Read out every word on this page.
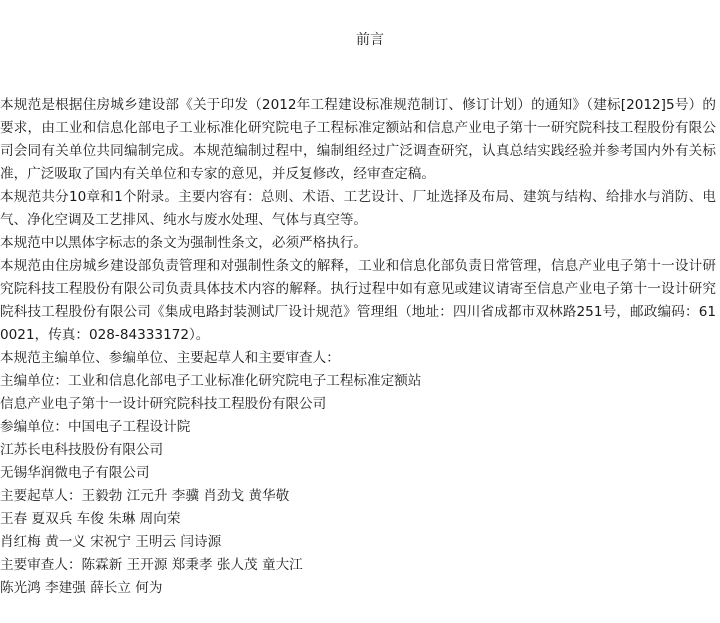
前言

本规范是根据住房城乡建设部《关于印发（2012年工程建设标准规范制订、修订计划）的通知》（建标[2012]5号）的要求，由工业和信息化部电子工业标准化研究院电子工程标准定额站和信息产业电子第十一研究院科技工程股份有限公司会同有关单位共同编制完成。本规范编制过程中，编制组经过广泛调查研究，认真总结实践经验并参考国内外有关标准，广泛吸取了国内有关单位和专家的意见，并反复修改，经审查定稿。

本规范共分10章和1个附录。主要内容有：总则、术语、工艺设计、厂址选择及布局、建筑与结构、给排水与消防、电气、净化空调及工艺排风、纯水与废水处理、气体与真空等。

本规范中以黑体字标志的条文为强制性条文，必须严格执行。

本规范由住房城乡建设部负责管理和对强制性条文的解释，工业和信息化部负责日常管理，信息产业电子第十一设计研究院科技工程股份有限公司负责具体技术内容的解释。执行过程中如有意见或建议请寄至信息产业电子第十一设计研究院科技工程股份有限公司《集成电路封装测试厂设计规范》管理组（地址：四川省成都市双林路251号，邮政编码：610021，传真：028-84333172）。

本规范主编单位、参编单位、主要起草人和主要审查人：

主编单位：工业和信息化部电子工业标准化研究院电子工程标准定额站

信息产业电子第十一设计研究院科技工程股份有限公司

参编单位：中国电子工程设计院

江苏长电科技股份有限公司

无锡华润微电子有限公司

主要起草人：王毅勃 江元升 李骥 肖劲戈 黄华敬

王春 夏双兵 车俊 朱琳 周向荣

肖红梅 黄一义 宋祝宁 王明云 闫诗源

主要审查人：陈霖新 王开源 郑秉孝 张人茂 童大江

陈光鸿 李建强 薛长立 何为
